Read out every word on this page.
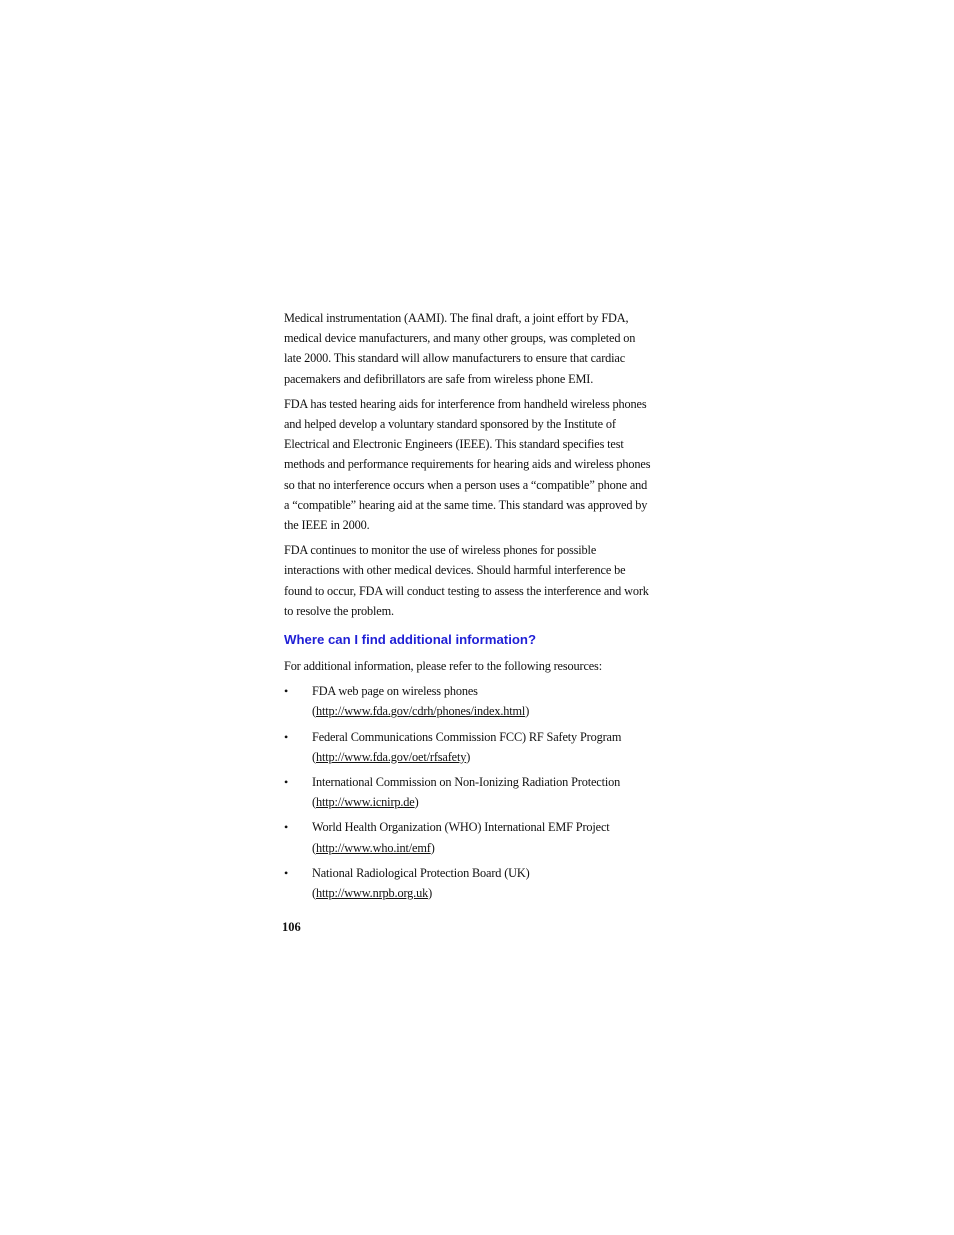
Medical instrumentation (AAMI). The final draft, a joint effort by FDA, medical device manufacturers, and many other groups, was completed on late 2000. This standard will allow manufacturers to ensure that cardiac pacemakers and defibrillators are safe from wireless phone EMI.

FDA has tested hearing aids for interference from handheld wireless phones and helped develop a voluntary standard sponsored by the Institute of Electrical and Electronic Engineers (IEEE). This standard specifies test methods and performance requirements for hearing aids and wireless phones so that no interference occurs when a person uses a “compatible” phone and a “compatible” hearing aid at the same time. This standard was approved by the IEEE in 2000.

FDA continues to monitor the use of wireless phones for possible interactions with other medical devices. Should harmful interference be found to occur, FDA will conduct testing to assess the interference and work to resolve the problem.

Where can I find additional information?

For additional information, please refer to the following resources:

• FDA web page on wireless phones
(http://www.fda.gov/cdrh/phones/index.html)
• Federal Communications Commission FCC) RF Safety Program
(http://www.fda.gov/oet/rfsafety)
• International Commission on Non-Ionizing Radiation Protection
(http://www.icnirp.de)
• World Health Organization (WHO) International EMF Project
(http://www.who.int/emf)
• National Radiological Protection Board (UK)
(http://www.nrpb.org.uk)
106
